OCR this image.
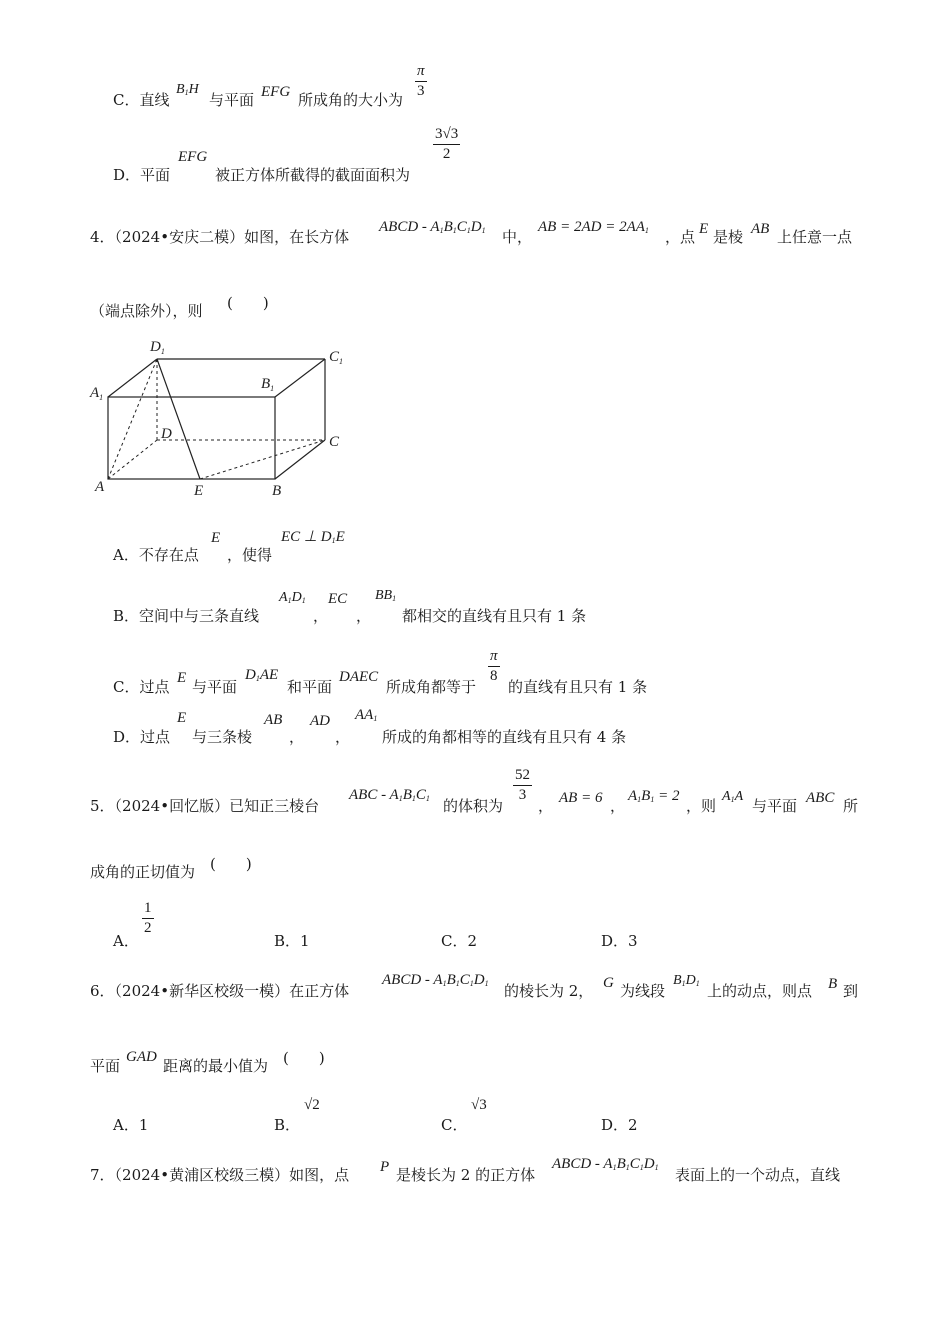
C．直线
$B_1H$
与平面 EFG 所成角的大小为 $\frac{\pi}{3}$
D．平面
EFG
被正方体所截得的截面面积为
$\frac{3√3}{2}$
4．（2024•安庆二模）如图，在长方体
ABCD - $A_1B_1C_1D_1$ 中，
AB = $2AD = 2AA_1$ ，点 E 是棱 AB 上任意一点
（端点除外），则 (　　)
$D_1$	$C_1$
$A_1$
$B_1$
D	C
A	E	B
A．不存在点
E
，使得
EC ⊥ $D_1E$
B．空间中与三条直线
$A_1D_1$
，
EC
，
$BB_1$
都相交的直线有且只有 1 条
C．过点 E 与平面
$D_1AE$
和平面
DAEC
所成角都等于
$\frac{\pi}{8}$
的直线有且只有 1 条
D．过点
E
与三条棱
AB
，
AD
，
$AA_1$
所成的角都相等的直线有且只有 4 条
5．（2024•回忆版）已知正三棱台
ABC - $A_1B_1C_1$ 的体积为
$\frac{52}{3}$
， AB = 6 ，
$A_1B_1 = 2$
，则
$A_1A$
与平面 ABC 所
成角的正切值为 (　　)
A．
$\frac{1}{2}$
B．1	C．2	D．3
6．（2024•新华区校级一模）在正方体
ABCD - $A_1B_1C_1D_1$ 的棱长为 2， G 为线段
$B_1D_1$ 上的动点，则点 B 到
平面 GAD 距离的最小值为 (　　)
A．1	B．
√2
C．
√3
D．2
7．（2024•黄浦区校级三模）如图，点 P 是棱长为 2 的正方体
ABCD - $A_1B_1C_1D_1$ 表面上的一个动点，直线
